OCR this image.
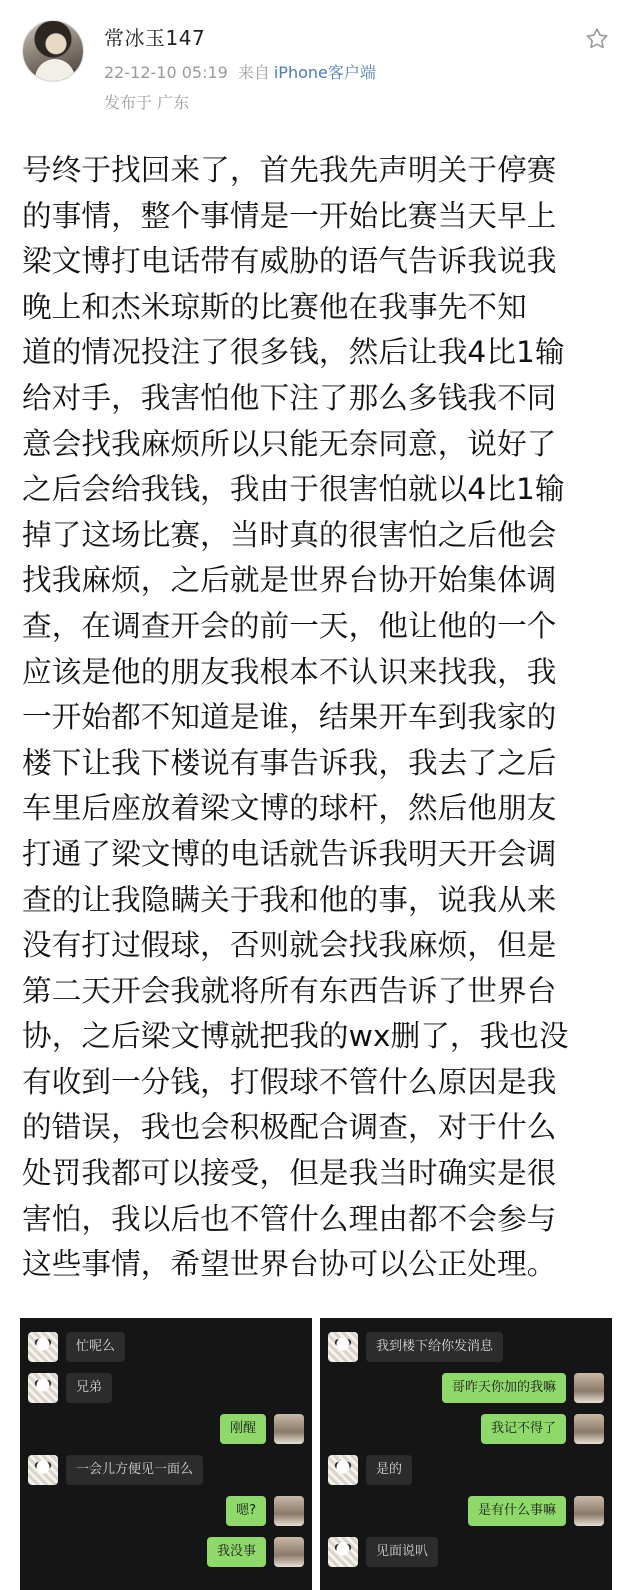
常冰玉147
22-12-10 05:19 来自 iPhone客户端
发布于 广东
号终于找回来了，首先我先声明关于停赛
的事情，整个事情是一开始比赛当天早上
梁文博打电话带有威胁的语气告诉我说我
晚上和杰米琼斯的比赛他在我事先不知
道的情况投注了很多钱，然后让我4比1输
给对手，我害怕他下注了那么多钱我不同
意会找我麻烦所以只能无奈同意，说好了
之后会给我钱，我由于很害怕就以4比1输
掉了这场比赛，当时真的很害怕之后他会
找我麻烦，之后就是世界台协开始集体调
查，在调查开会的前一天，他让他的一个
应该是他的朋友我根本不认识来找我，我
一开始都不知道是谁，结果开车到我家的
楼下让我下楼说有事告诉我，我去了之后
车里后座放着梁文博的球杆，然后他朋友
打通了梁文博的电话就告诉我明天开会调
查的让我隐瞒关于我和他的事，说我从来
没有打过假球，否则就会找我麻烦，但是
第二天开会我就将所有东西告诉了世界台
协，之后梁文博就把我的wx删了，我也没
有收到一分钱，打假球不管什么原因是我
的错误，我也会积极配合调查，对于什么
处罚我都可以接受，但是我当时确实是很
害怕，我以后也不管什么理由都不会参与
这些事情，希望世界台协可以公正处理。
忙呢么
兄弟
刚醒
一会儿方便见一面么
嗯?
我没事
我到楼下给你发消息
哥昨天你加的我嘛
我记不得了
是的
是有什么事嘛
见面说叭
